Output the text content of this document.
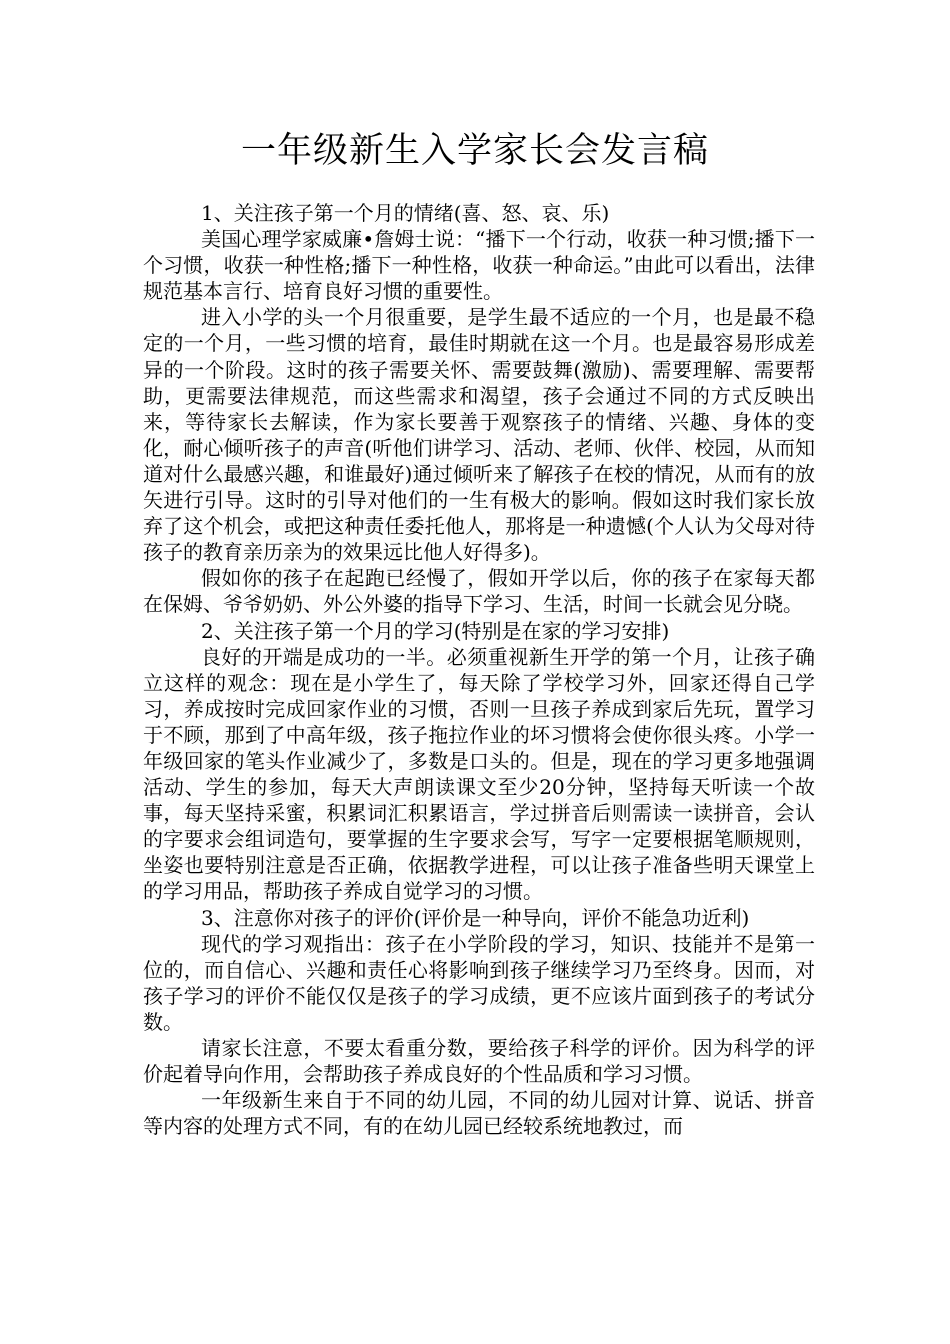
一年级新生入学家长会发言稿

1、关注孩子第一个月的情绪(喜、怒、哀、乐)

美国心理学家威廉•詹姆士说：“播下一个行动，收获一种习惯;播下一个习惯，收获一种性格;播下一种性格，收获一种命运。”由此可以看出，法律规范基本言行、培育良好习惯的重要性。

进入小学的头一个月很重要，是学生最不适应的一个月，也是最不稳定的一个月，一些习惯的培育，最佳时期就在这一个月。也是最容易形成差异的一个阶段。这时的孩子需要关怀、需要鼓舞(激励)、需要理解、需要帮助，更需要法律规范，而这些需求和渴望，孩子会通过不同的方式反映出来，等待家长去解读，作为家长要善于观察孩子的情绪、兴趣、身体的变化，耐心倾听孩子的声音(听他们讲学习、活动、老师、伙伴、校园，从而知道对什么最感兴趣，和谁最好)通过倾听来了解孩子在校的情况，从而有的放矢进行引导。这时的引导对他们的一生有极大的影响。假如这时我们家长放弃了这个机会，或把这种责任委托他人，那将是一种遗憾(个人认为父母对待孩子的教育亲历亲为的效果远比他人好得多)。

假如你的孩子在起跑已经慢了，假如开学以后，你的孩子在家每天都在保姆、爷爷奶奶、外公外婆的指导下学习、生活，时间一长就会见分晓。

2、关注孩子第一个月的学习(特别是在家的学习安排)

良好的开端是成功的一半。必须重视新生开学的第一个月，让孩子确立这样的观念：现在是小学生了，每天除了学校学习外，回家还得自己学习，养成按时完成回家作业的习惯，否则一旦孩子养成到家后先玩，置学习于不顾，那到了中高年级，孩子拖拉作业的坏习惯将会使你很头疼。小学一年级回家的笔头作业减少了，多数是口头的。但是，现在的学习更多地强调活动、学生的参加，每天大声朗读课文至少20分钟，坚持每天听读一个故事，每天坚持采蜜，积累词汇积累语言，学过拼音后则需读一读拼音，会认的字要求会组词造句，要掌握的生字要求会写，写字一定要根据笔顺规则，坐姿也要特别注意是否正确，依据教学进程，可以让孩子准备些明天课堂上的学习用品，帮助孩子养成自觉学习的习惯。

3、注意你对孩子的评价(评价是一种导向，评价不能急功近利)

现代的学习观指出：孩子在小学阶段的学习，知识、技能并不是第一位的，而自信心、兴趣和责任心将影响到孩子继续学习乃至终身。因而，对孩子学习的评价不能仅仅是孩子的学习成绩，更不应该片面到孩子的考试分数。

请家长注意，不要太看重分数，要给孩子科学的评价。因为科学的评价起着导向作用，会帮助孩子养成良好的个性品质和学习习惯。

一年级新生来自于不同的幼儿园，不同的幼儿园对计算、说话、拼音等内容的处理方式不同，有的在幼儿园已经较系统地教过，而
